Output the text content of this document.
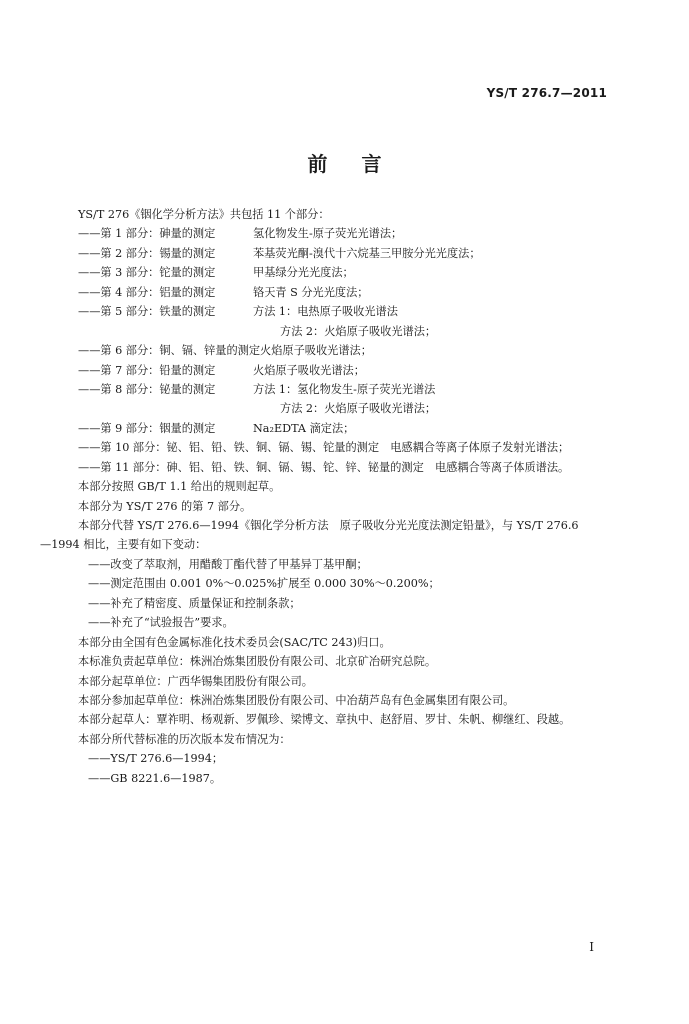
YS/T 276.7—2011
前言
YS/T 276《铟化学分析方法》共包括 11 个部分：
——第 1 部分：砷量的测定	氢化物发生-原子荧光光谱法；
——第 2 部分：锡量的测定	苯基荧光酮-溴代十六烷基三甲胺分光光度法；
——第 3 部分：铊量的测定	甲基绿分光光度法；
——第 4 部分：铝量的测定	铬天青 S 分光光度法；
——第 5 部分：铁量的测定	方法 1：电热原子吸收光谱法
方法 2：火焰原子吸收光谱法；
——第 6 部分：铜、镉、锌量的测定火焰原子吸收光谱法；
——第 7 部分：铅量的测定	火焰原子吸收光谱法；
——第 8 部分：铋量的测定	方法 1：氢化物发生-原子荧光光谱法
方法 2：火焰原子吸收光谱法；
——第 9 部分：铟量的测定	Na₂EDTA 滴定法；
——第 10 部分：铋、铝、铅、铁、铜、镉、锡、铊量的测定　电感耦合等离子体原子发射光谱法；
——第 11 部分：砷、铝、铅、铁、铜、镉、锡、铊、锌、铋量的测定　电感耦合等离子体质谱法。
本部分按照 GB/T 1.1 给出的规则起草。
本部分为 YS/T 276 的第 7 部分。
本部分代替 YS/T 276.6—1994《铟化学分析方法　原子吸收分光光度法测定铅量》，与 YS/T 276.6
—1994 相比，主要有如下变动：
——改变了萃取剂，用醋酸丁酯代替了甲基异丁基甲酮；
——测定范围由 0.001 0%～0.025%扩展至 0.000 30%～0.200%；
——补充了精密度、质量保证和控制条款；
——补充了“试验报告”要求。
本部分由全国有色金属标准化技术委员会(SAC/TC 243)归口。
本标准负责起草单位：株洲冶炼集团股份有限公司、北京矿冶研究总院。
本部分起草单位：广西华锡集团股份有限公司。
本部分参加起草单位：株洲冶炼集团股份有限公司、中冶葫芦岛有色金属集团有限公司。
本部分起草人：覃祚明、杨观新、罗佩珍、梁博文、章执中、赵舒眉、罗甘、朱帆、柳继红、段越。
本部分所代替标准的历次版本发布情况为：
——YS/T 276.6—1994；
——GB 8221.6—1987。
I
